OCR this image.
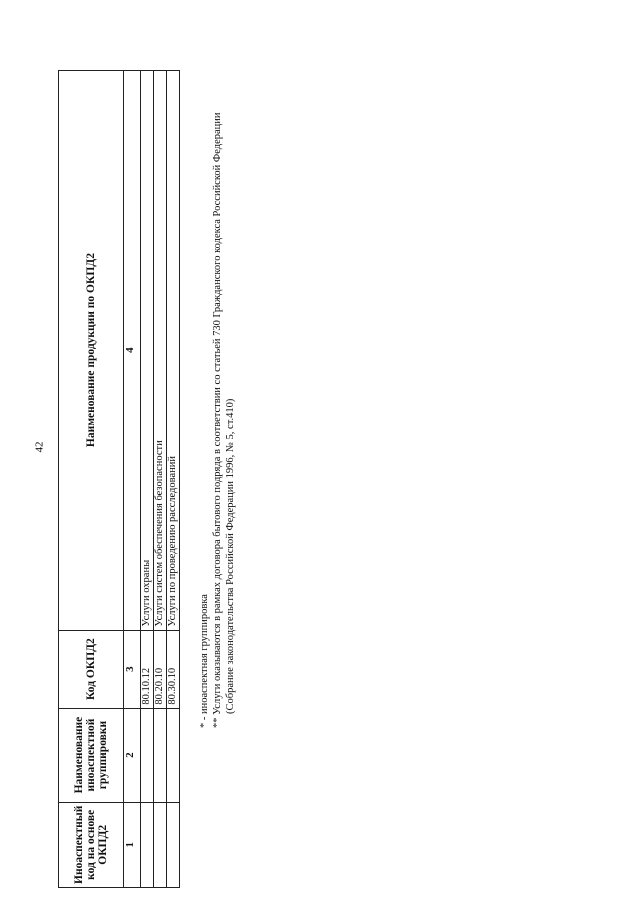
42
Иноаспектный код на основе ОКПД2	Наименование иноаспектной группировки	Код ОКПД2	Наименование продукции по ОКПД2
1	2	3	4
		80.10.12	Услуги охраны
		80.20.10	Услуги систем обеспечения безопасности
		80.30.10	Услуги по проведению расследований
* - иноаспектная группировка ** Услуги оказываются в рамках договора бытового подряда в соответствии со статьей 730 Гражданского кодекса Российской Федерации (Собрание законодательства Российской Федерации 1996, № 5, ст.410)
